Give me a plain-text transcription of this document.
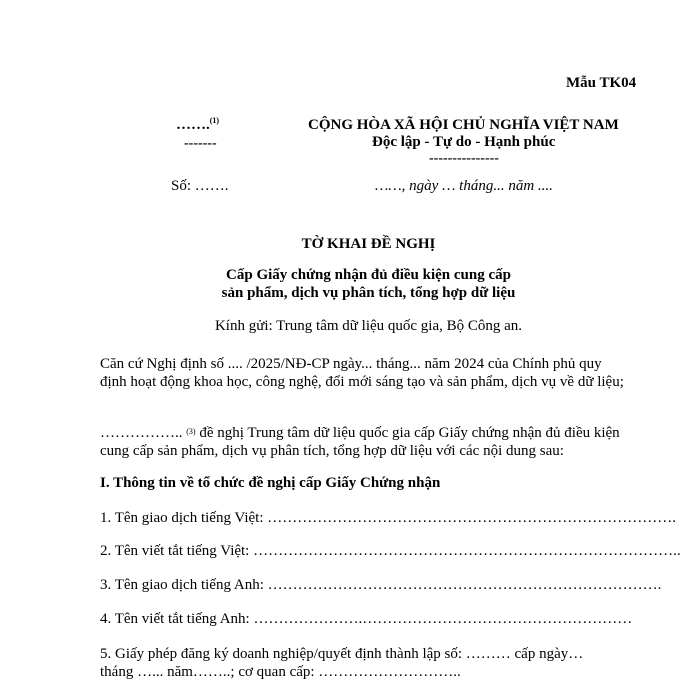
Mẫu TK04
…….$^{(1)}$
-------
CỘNG HÒA XÃ HỘI CHỦ NGHĨA VIỆT NAM
Độc lập - Tự do - Hạnh phúc
---------------
Số: …….	……, ngày … tháng... năm ....
TỜ KHAI ĐỀ NGHỊ
Cấp Giấy chứng nhận đủ điều kiện cung cấp
sản phẩm, dịch vụ phân tích, tổng hợp dữ liệu
Kính gửi: Trung tâm dữ liệu quốc gia, Bộ Công an.
Căn cứ Nghị định số .... /2025/NĐ-CP ngày... tháng... năm 2024 của Chính phủ quy định hoạt động khoa học, công nghệ, đổi mới sáng tạo và sản phẩm, dịch vụ về dữ liệu;
…………….. $^{(3)}$ đề nghị Trung tâm dữ liệu quốc gia cấp Giấy chứng nhận đủ điều kiện cung cấp sản phẩm, dịch vụ phân tích, tổng hợp dữ liệu với các nội dung sau:
I. Thông tin về tổ chức đề nghị cấp Giấy Chứng nhận
1. Tên giao dịch tiếng Việt: ……………………………………………………………………….
2. Tên viết tắt tiếng Việt: …………………………………………………………………………..
3. Tên giao dịch tiếng Anh: …………………………………………………………………….
4. Tên viết tắt tiếng Anh: ………………….………………………………………………
5. Giấy phép đăng ký doanh nghiệp/quyết định thành lập số: ……… cấp ngày…
tháng …... năm……..; cơ quan cấp: ………………………..
